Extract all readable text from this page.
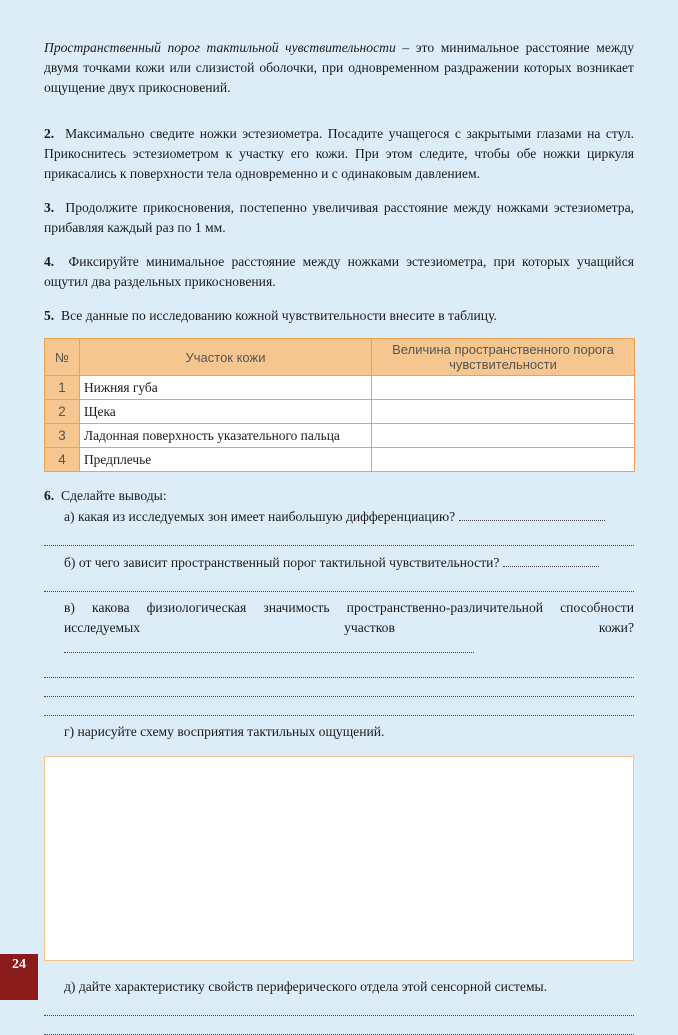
Пространственный порог тактильной чувствительности – это минимальное расстояние между двумя точками кожи или слизистой оболочки, при одновременном раздражении которых возникает ощущение двух прикосновений.

2. Максимально сведите ножки эстезиометра. Посадите учащегося с закрытыми глазами на стул. Прикоснитесь эстезиометром к участку его кожи. При этом следите, чтобы обе ножки циркуля прикасались к поверхности тела одновременно и с одинаковым давлением.

3. Продолжите прикосновения, постепенно увеличивая расстояние между ножками эстезиометра, прибавляя каждый раз по 1 мм.

4. Фиксируйте минимальное расстояние между ножками эстезиометра, при которых учащийся ощутил два раздельных прикосновения.

5. Все данные по исследованию кожной чувствительности внесите в таблицу.

№	Участок кожи	Величина пространственного порога чувствительности
1	Нижняя губа	
2	Щека	
3	Ладонная поверхность указательного пальца	
4	Предплечье	

6. Сделайте выводы:

а) какая из исследуемых зон имеет наибольшую дифференциацию?

б) от чего зависит пространственный порог тактильной чувствительности?

в) какова физиологическая значимость пространственно-различительной способности исследуемых участков кожи?

г) нарисуйте схему восприятия тактильных ощущений.

д) дайте характеристику свойств периферического отдела этой сенсорной системы.

24
